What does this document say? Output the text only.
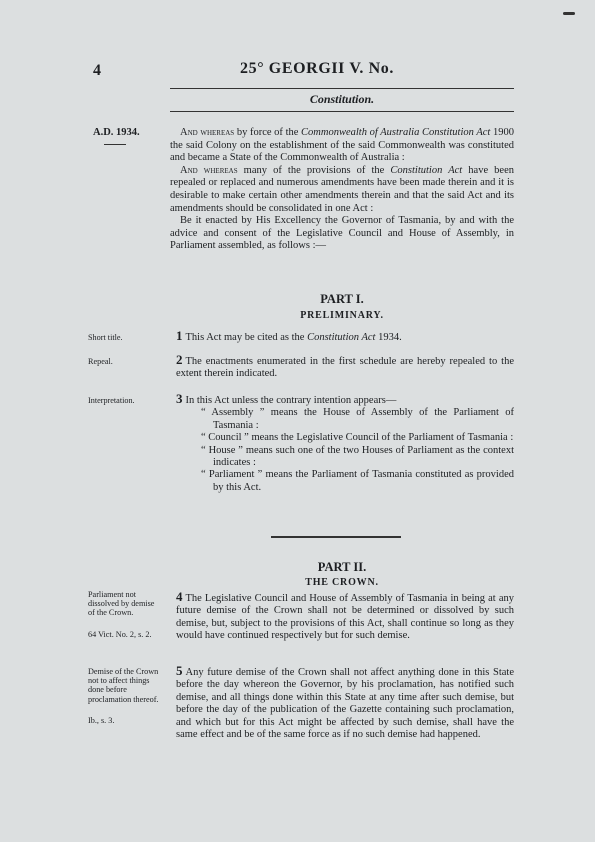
4	25° GEORGII V. No.
Constitution.
A.D. 1934.	And whereas by force of the Commonwealth of Australia Constitution Act 1900 the said Colony on the establishment of the said Commonwealth was constituted and became a State of the Commonwealth of Australia :
And whereas many of the provisions of the Constitution Act have been repealed or replaced and numerous amendments have been made therein and it is desirable to make certain other amendments therein and that the said Act and its amendments should be consolidated in one Act :
Be it enacted by His Excellency the Governor of Tasmania, by and with the advice and consent of the Legislative Council and House of Assembly, in Parliament assembled, as follows :—
PART I.
PRELIMINARY.
Short title.	1 This Act may be cited as the Constitution Act 1934.
Repeal.	2 The enactments enumerated in the first schedule are hereby repealed to the extent therein indicated.
Interpretation.	3 In this Act unless the contrary intention appears—

“ Assembly ” means the House of Assembly of the Parliament of Tasmania :

“ Council ” means the Legislative Council of the Parliament of Tasmania :

“ House ” means such one of the two Houses of Parliament as the context indicates :

“ Parliament ” means the Parliament of Tasmania constituted as provided by this Act.

PART II.
THE CROWN.
Parliament not dissolved by demise of the Crown.
64 Vict. No. 2, s. 2.
4 The Legislative Council and House of Assembly of Tasmania in being at any future demise of the Crown shall not be determined or dissolved by such demise, but, subject to the provisions of this Act, shall continue so long as they would have continued respectively but for such demise.
Demise of the Crown not to affect things done before proclamation thereof.
Ib., s. 3.
5 Any future demise of the Crown shall not affect anything done in this State before the day whereon the Governor, by his proclamation, has notified such demise, and all things done within this State at any time after such demise, but before the day of the publication of the Gazette containing such proclamation, and which but for this Act might be affected by such demise, shall have the same effect and be of the same force as if no such demise had happened.
